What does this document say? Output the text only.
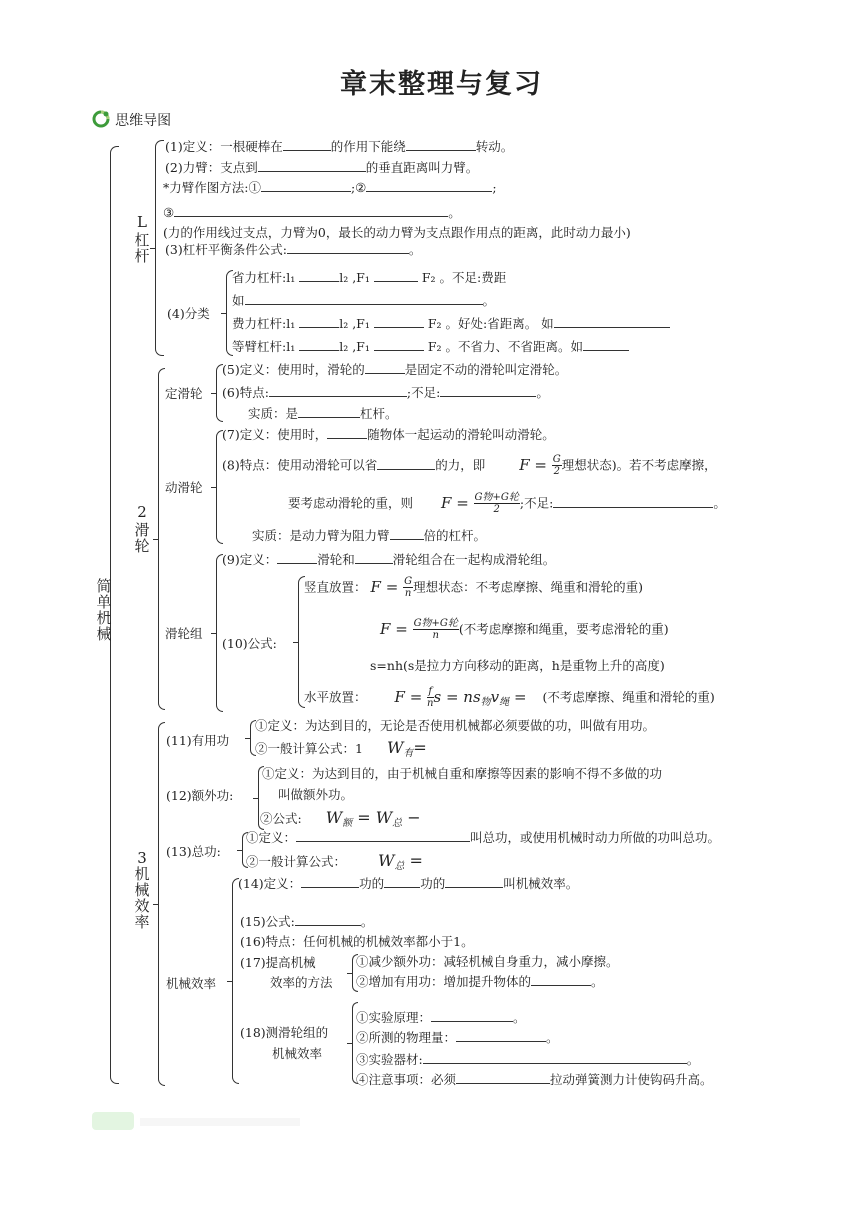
章末整理与复习
思维导图
简单机械
L
杠杆
(1)定义：一根硬棒在	的作用下能绕	转动。
(2)力臂：支点到	的垂直距离叫力臂。
*力臂作图方法:①	;②	;
③	。
(力的作用线过支点，力臂为0，最长的动力臂为支点跟作用点的距离，此时动力最小)
(3)杠杆平衡条件公式:	。
(4)分类
省力杠杆:l₁	l₂ ,F₁	F₂ 。不足:费距
如	。
费力杠杆:l₁	l₂ ,F₁	F₂ 。好处:省距离。 如
等臂杠杆:l₁	l₂ ,F₁	F₂ 。不省力、不省距离。如
2
滑轮
定滑轮
(5)定义：使用时，滑轮的	是固定不动的滑轮叫定滑轮。
(6)特点:	;不足:	。
实质：是	杠杆。
动滑轮
(7)定义：使用时，	随物体一起运动的滑轮叫动滑轮。
(8)特点：使用动滑轮可以省	的力，即 $F = \frac{G}{2}$ 理想状态)。若不考虑摩擦，
要考虑动滑轮的重，则 $F = \frac{\text{G物+G轮}}{2}$ ;不足:	。
实质：是动力臂为阻力臂	倍的杠杆。
滑轮组
(9)定义：	滑轮和	滑轮组合在一起构成滑轮组。
(10)公式:
竖直放置： $F = \frac{G}{n}$ 理想状态：不考虑摩擦、绳重和滑轮的重)
$F = \frac{\text{G物+G轮}}{n}$ (不考虑摩擦和绳重，要考虑滑轮的重)
s=nh(s是拉力方向移动的距离，h是重物上升的高度)
水平放置： $F = \frac{f}{n}$ $s = ns_物v_绳$ = (不考虑摩擦、绳重和滑轮的重)
3
机械效率
(11)有用功
①定义：为达到目的，无论是否使用机械都必须要做的功，叫做有用功。
②一般计算公式：1 $W_有=$
(12)额外功:
①定义：为达到目的，由于机械自重和摩擦等因素的影响不得不多做的功
叫做额外功。
②公式: $W_额 = W_总$ −
(13)总功:
①定义：	叫总功，或使用机械时动力所做的功叫总功。
②一般计算公式： $W_总$ =
机械效率
(14)定义：	功的	功的	叫机械效率。
(15)公式:	。
(16)特点：任何机械的机械效率都小于1。
(17)提高机械
效率的方法
①减少额外功：减轻机械自身重力，减小摩擦。
②增加有用功：增加提升物体的	。
(18)测滑轮组的
机械效率
①实验原理：	。
②所测的物理量：	。
③实验器材:	。
④注意事项：必须	拉动弹簧测力计使钩码升高。
